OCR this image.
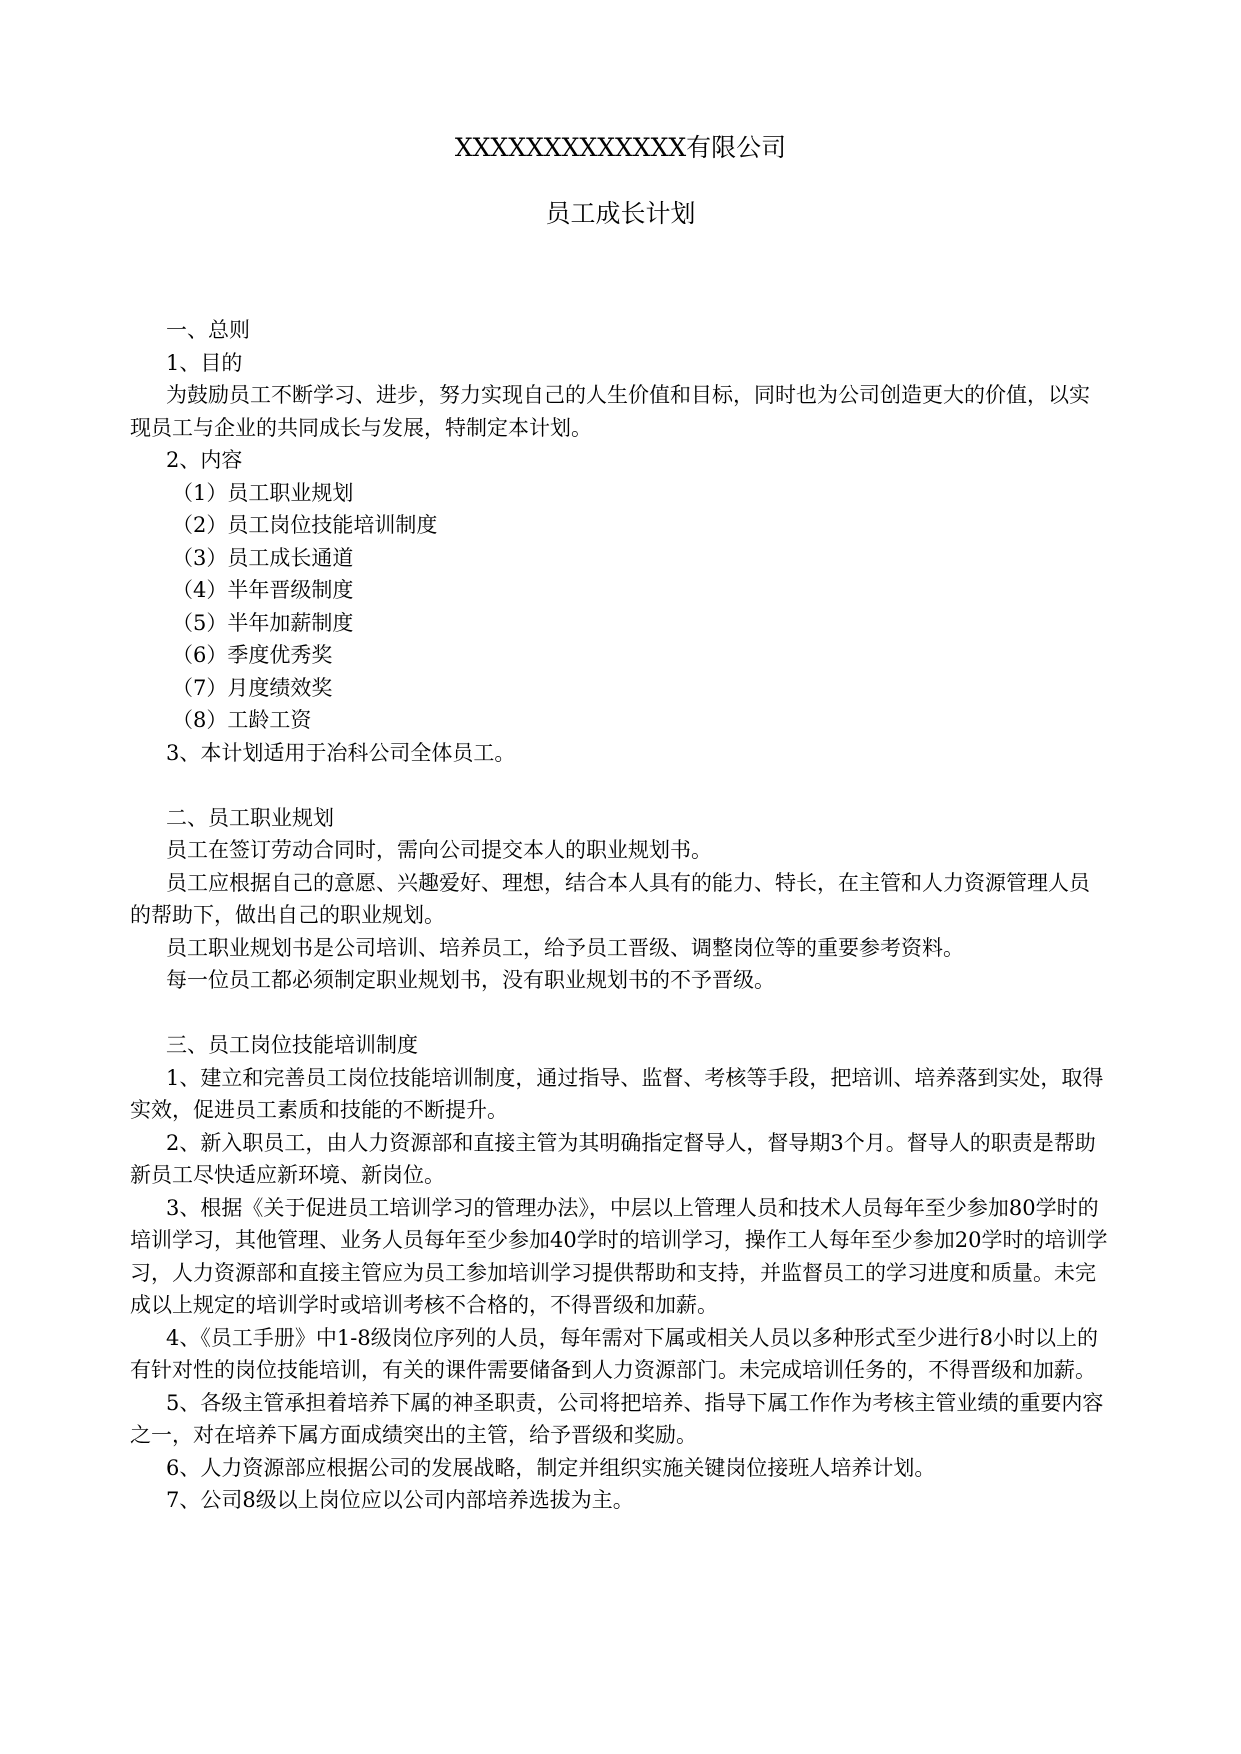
XXXXXXXXXXXXX有限公司
员工成长计划
一、总则
1、目的
为鼓励员工不断学习、进步，努力实现自己的人生价值和目标，同时也为公司创造更大的价值，以实现员工与企业的共同成长与发展，特制定本计划。
2、内容
（1）员工职业规划
（2）员工岗位技能培训制度
（3）员工成长通道
（4）半年晋级制度
（5）半年加薪制度
（6）季度优秀奖
（7）月度绩效奖
（8）工龄工资
3、本计划适用于冶科公司全体员工。
二、员工职业规划
员工在签订劳动合同时，需向公司提交本人的职业规划书。
员工应根据自己的意愿、兴趣爱好、理想，结合本人具有的能力、特长，在主管和人力资源管理人员的帮助下，做出自己的职业规划。
员工职业规划书是公司培训、培养员工，给予员工晋级、调整岗位等的重要参考资料。
每一位员工都必须制定职业规划书，没有职业规划书的不予晋级。
三、员工岗位技能培训制度
1、建立和完善员工岗位技能培训制度，通过指导、监督、考核等手段，把培训、培养落到实处，取得实效，促进员工素质和技能的不断提升。
2、新入职员工，由人力资源部和直接主管为其明确指定督导人，督导期3个月。督导人的职责是帮助新员工尽快适应新环境、新岗位。
3、根据《关于促进员工培训学习的管理办法》，中层以上管理人员和技术人员每年至少参加80学时的培训学习，其他管理、业务人员每年至少参加40学时的培训学习，操作工人每年至少参加20学时的培训学习，人力资源部和直接主管应为员工参加培训学习提供帮助和支持，并监督员工的学习进度和质量。未完成以上规定的培训学时或培训考核不合格的，不得晋级和加薪。
4、《员工手册》中1-8级岗位序列的人员，每年需对下属或相关人员以多种形式至少进行8小时以上的有针对性的岗位技能培训，有关的课件需要储备到人力资源部门。未完成培训任务的，不得晋级和加薪。
5、各级主管承担着培养下属的神圣职责，公司将把培养、指导下属工作作为考核主管业绩的重要内容之一，对在培养下属方面成绩突出的主管，给予晋级和奖励。
6、人力资源部应根据公司的发展战略，制定并组织实施关键岗位接班人培养计划。
7、公司8级以上岗位应以公司内部培养选拔为主。
